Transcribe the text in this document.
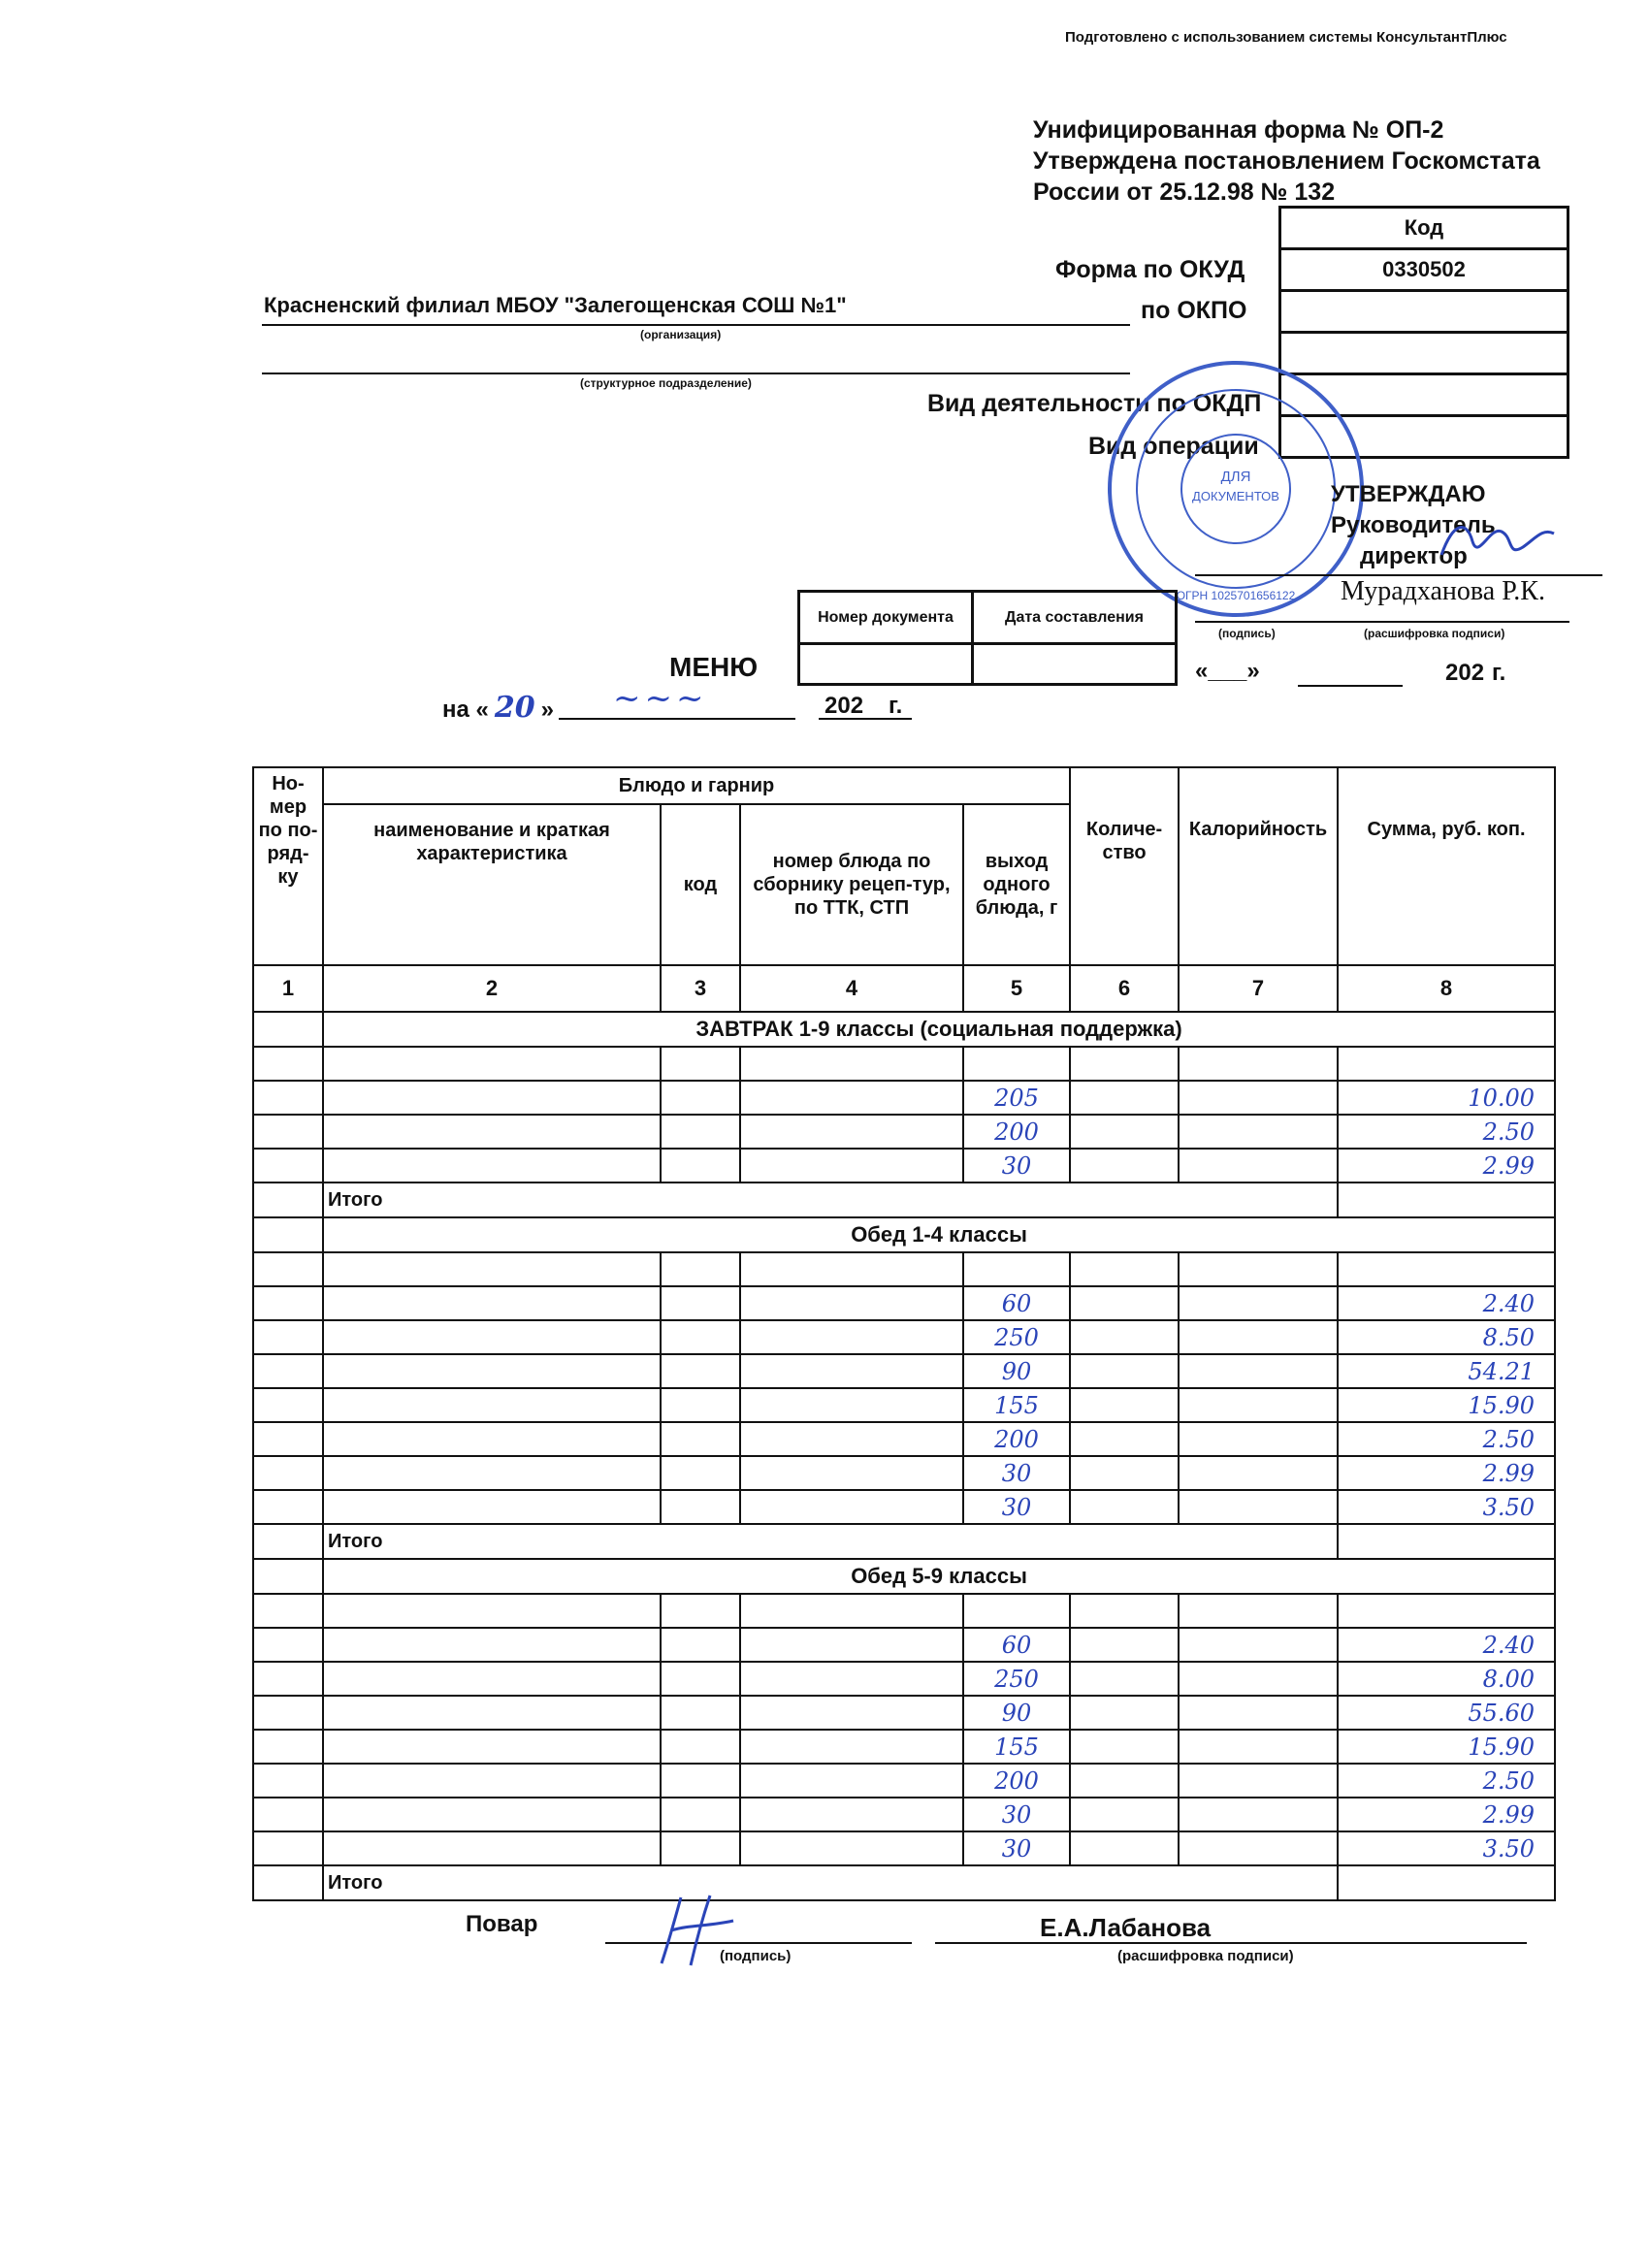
Подготовлено с использованием системы КонсультантПлюс
Унифицированная форма № ОП-2
Утверждена постановлением Госкомстата
России от 25.12.98 № 132
Код
0330502

Форма по ОКУД
по ОКПО
Вид деятельности по ОКДП
Вид операции
Красненский филиал МБОУ "Залегощенская СОШ №1"
(организация)
(структурное подразделение)
ДЛЯ
ДОКУМЕНТОВ
ОГРН 1025701656122
УТВЕРЖДАЮ
Руководитель
директор
Мурадханова Р.К.
(подпись)	(расшифровка подписи)
«___»	202 г.
Номер документа	Дата составления

МЕНЮ
на « 20 » ~~~	202 г.
Но-мер по по-ряд-ку	Блюдо и гарнир						
	наименование и краткая характеристика	код	номер блюда по сборнику рецеп-тур, по ТТК, СТП	выход одного блюда, г	Количе-ство	Калорийность	Сумма, руб. коп.
1	2	3	4	5	6	7	8
	ЗАВТРАК 1-9 классы (социальная поддержка)						

				205			10.00
				200			2.50
				30			2.99
	Итого						
	Обед 1-4 классы						

				60			2.40
				250			8.50
				90			54.21
				155			15.90
				200			2.50
				30			2.99
				30			3.50
	Итого						
	Обед 5-9 классы						

				60			2.40
				250			8.00
				90			55.60
				155			15.90
				200			2.50
				30			2.99
				30			3.50
	Итого						
Повар	Е.А.Лабанова
(подпись)	(расшифровка подписи)
